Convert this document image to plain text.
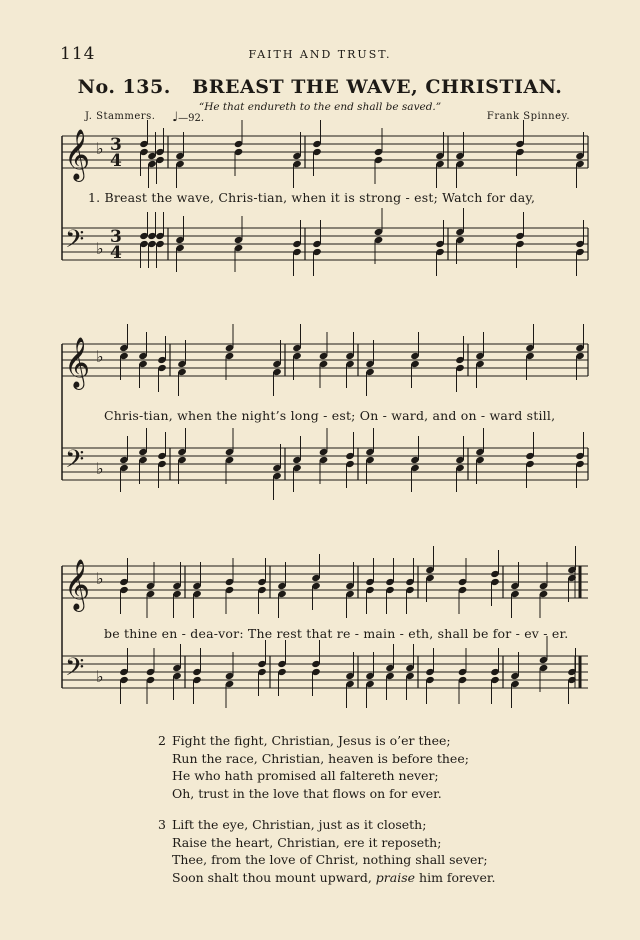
114	FAITH AND TRUST.
No. 135. BREAST THE WAVE, CHRISTIAN.
“He that endureth to the end shall be saved.”
J. Stammers. ♩—92.	Frank Spinney.
𝄞
𝄢
♭
♭
3
4
3
4
𝄞
𝄢
♭
♭
𝄞
𝄢
♭
♭
1. Breast the wave, Chris-tian, when it is strong - est; Watch for day,
Chris-tian, when the night’s long - est; On - ward, and on - ward still,
be thine en - dea-vor: The rest that re - main - eth, shall be for - ev - er.
2 Fight the fight, Christian, Jesus is o’er thee;
Run the race, Christian, heaven is before thee;
He who hath promised all faltereth never;
Oh, trust in the love that flows on for ever.
3 Lift the eye, Christian, just as it closeth;
Raise the heart, Christian, ere it reposeth;
Thee, from the love of Christ, nothing shall sever;
Soon shalt thou mount upward, praise him forever.
